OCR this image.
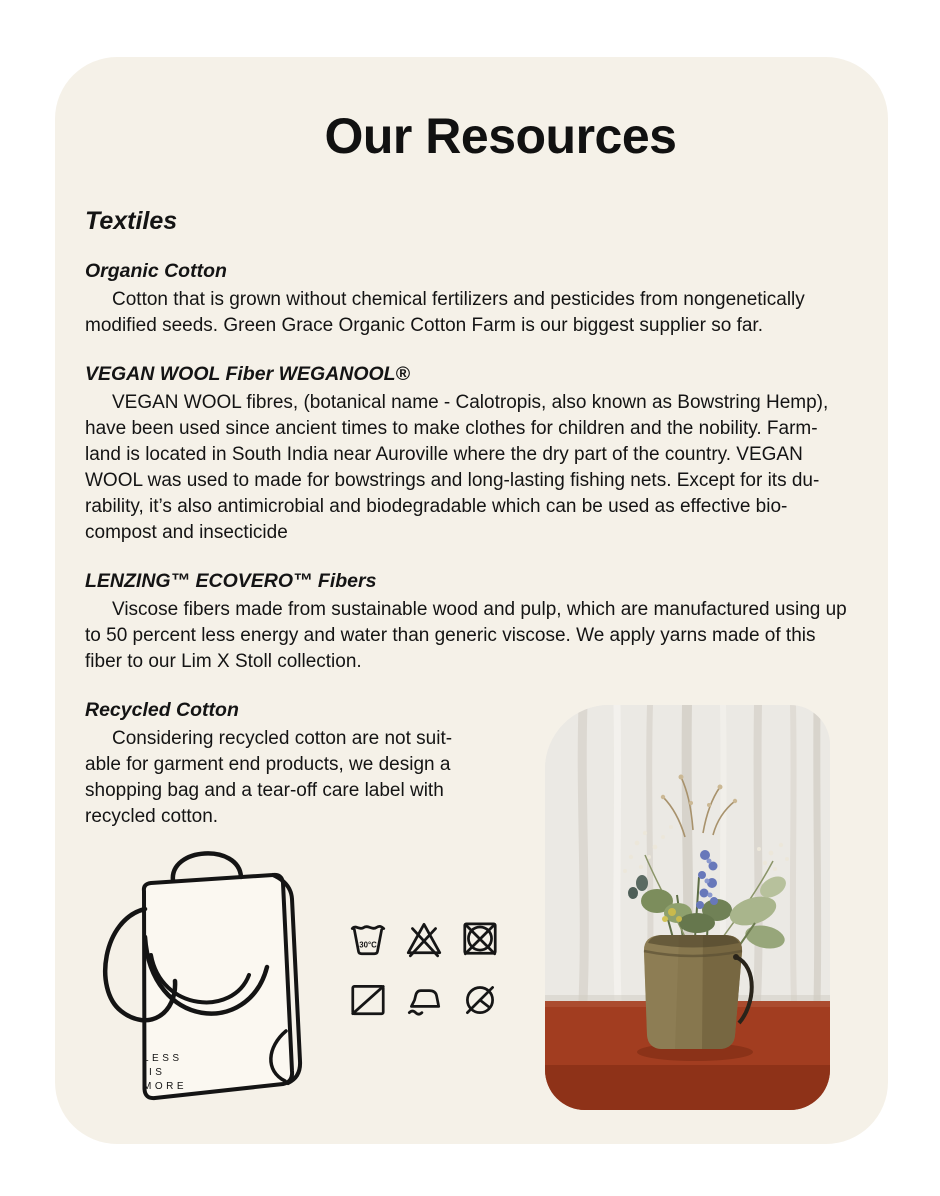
Our Resources
Textiles
Organic Cotton

Cotton that is grown without chemical fertilizers and pesticides from nongenetically modified seeds. Green Grace Organic Cotton Farm is our biggest supplier so far.

VEGAN WOOL Fiber WEGANOOL®

VEGAN WOOL fibres, (botanical name - Calotropis, also known as Bowstring Hemp), have been used since ancient times to make clothes for children and the nobility. Farm-land is located in South India near Auroville where the dry part of the country. VEGAN WOOL was used to made for bowstrings and long-lasting fishing nets. Except for its du-rability, it’s also antimicrobial and biodegradable which can be used as effective bio-compost and insecticide

LENZING™ ECOVERO™ Fibers

Viscose fibers made from sustainable wood and pulp, which are manufactured using up to 50 percent less energy and water than generic viscose. We apply yarns made of this fiber to our Lim X Stoll collection.

Recycled Cotton

Considering recycled cotton are not suit-able for garment end products, we design a shopping bag and a tear-off care label with recycled cotton.

LESS
IS
MORE
30°C
